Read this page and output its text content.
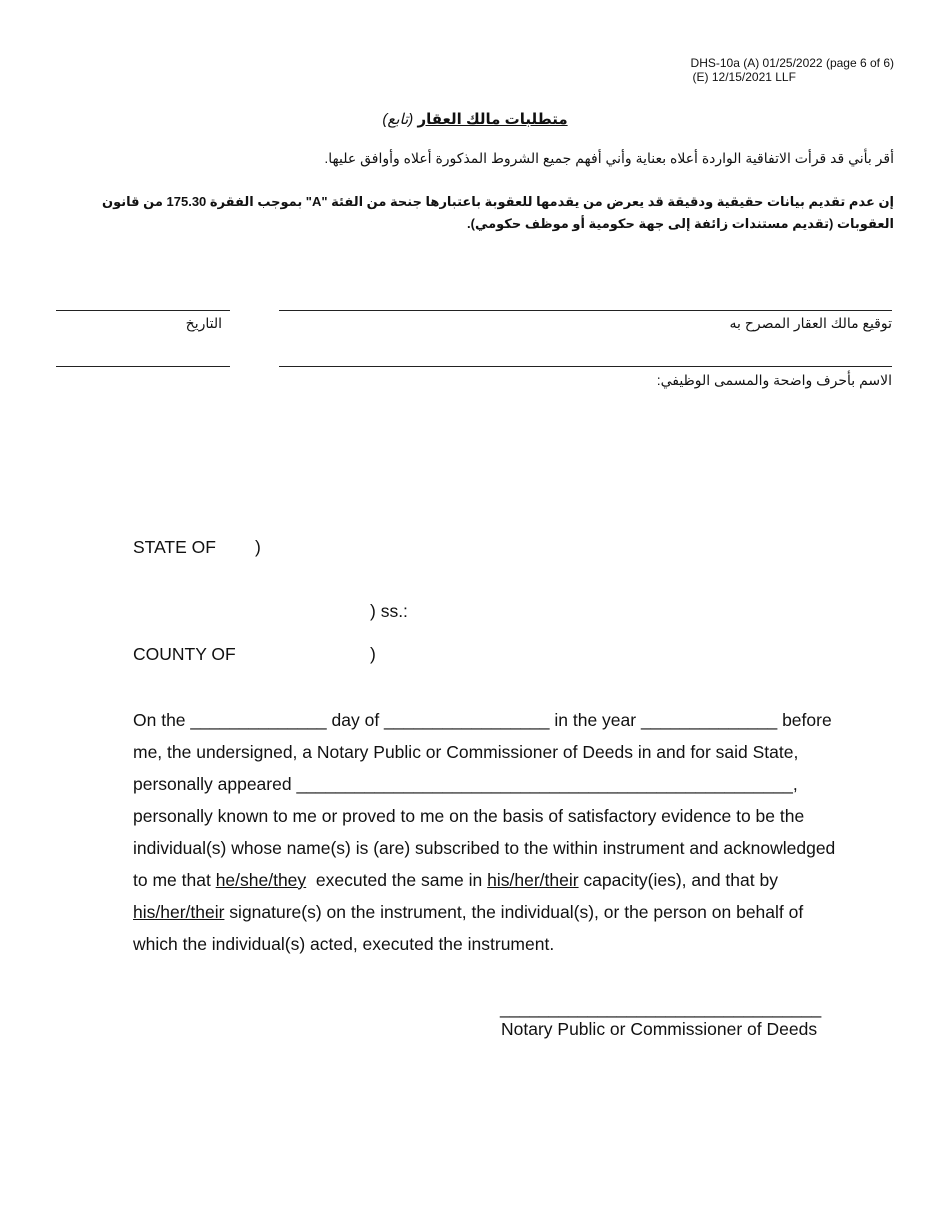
DHS-10a (A) 01/25/2022 (page 6 of 6)
(E) 12/15/2021 LLF
متطلبات مالك العقار (تابع)
أقر بأني قد قرأت الاتفاقية الواردة أعلاه بعناية وأني أفهم جميع الشروط المذكورة أعلاه وأوافق عليها.
إن عدم تقديم بيانات حقيقية ودقيقة قد يعرض من يقدمها للعقوبة باعتبارها جنحة من الفئة "A" بموجب الفقرة 175.30 من قانون العقوبات (تقديم مستندات زائفة إلى جهة حكومية أو موظف حكومي).
التاريخ	توقيع مالك العقار المصرح به
الاسم بأحرف واضحة والمسمى الوظيفي:
STATE OF )
) ss.:
COUNTY OF	)

On the ______________ day of _________________ in the year ______________ before

me, the undersigned, a Notary Public or Commissioner of Deeds in and for said State,

personally appeared ___________________________________________________,

personally known to me or proved to me on the basis of satisfactory evidence to be the

individual(s) whose name(s) is (are) subscribed to the within instrument and acknowledged

to me that he/she/they  executed the same in his/her/their capacity(ies), and that by

his/her/their signature(s) on the instrument, the individual(s), or the person on behalf of

which the individual(s) acted, executed the instrument.

_________________________________
Notary Public or Commissioner of Deeds
